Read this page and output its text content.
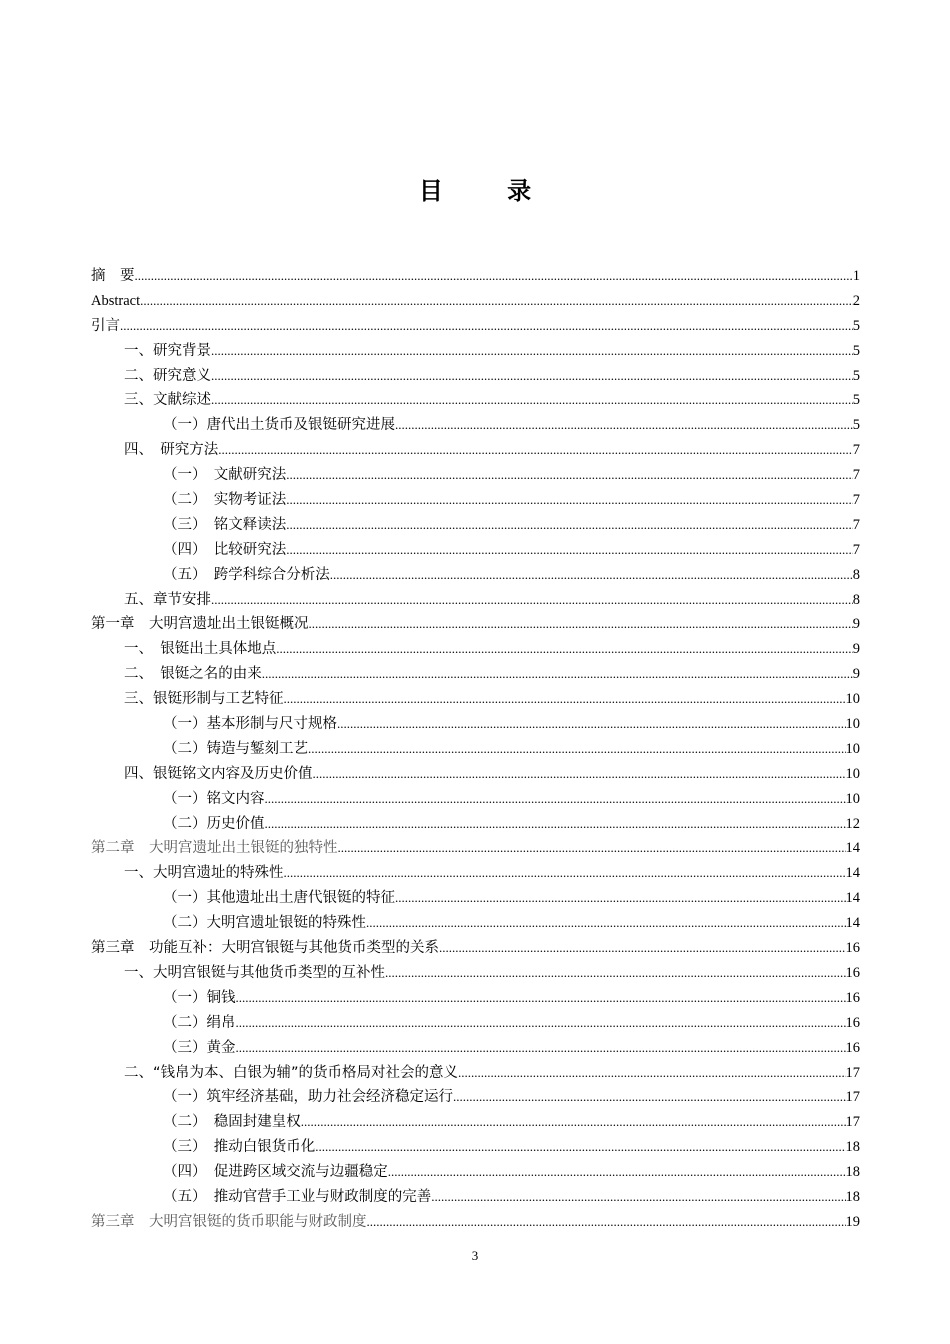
目 录
摘　要 .....	1
Abstract .....	2
引言 .....	5
一、研究背景 .....	5
二、研究意义 .....	5
三、文献综述 .....	5
（一）唐代出土货币及银铤研究进展 .....	5
四、　研究方法 .....	7
（一）　文献研究法 .....	7
（二）　实物考证法 .....	7
（三）　铭文释读法 .....	7
（四）　比较研究法 .....	7
（五）　跨学科综合分析法 .....	8
五、章节安排 .....	8
第一章　大明宫遗址出土银铤概况 .....	9
一、　银铤出土具体地点 .....	9
二、　银铤之名的由来 .....	9
三、银铤形制与工艺特征 .....	10
（一）基本形制与尺寸规格 .....	10
（二）铸造与錾刻工艺 .....	10
四、银铤铭文内容及历史价值 .....	10
（一）铭文内容 .....	10
（二）历史价值 .....	12
第二章　大明宫遗址出土银铤的独特性 .....	14
一、大明宫遗址的特殊性 .....	14
（一）其他遗址出土唐代银铤的特征 .....	14
（二）大明宫遗址银铤的特殊性 .....	14
第三章　功能互补：大明宫银铤与其他货币类型的关系 .....	16
一、大明宫银铤与其他货币类型的互补性 .....	16
（一）铜钱 .....	16
（二）绢帛 .....	16
（三）黄金 .....	16
二、“钱帛为本、白银为辅”的货币格局对社会的意义 .....	17
（一）筑牢经济基础，助力社会经济稳定运行 .....	17
（二）　稳固封建皇权 .....	17
（三）　推动白银货币化 .....	18
（四）　促进跨区域交流与边疆稳定 .....	18
（五）　推动官营手工业与财政制度的完善 .....	18
第三章　大明宫银铤的货币职能与财政制度 .....	19
3
